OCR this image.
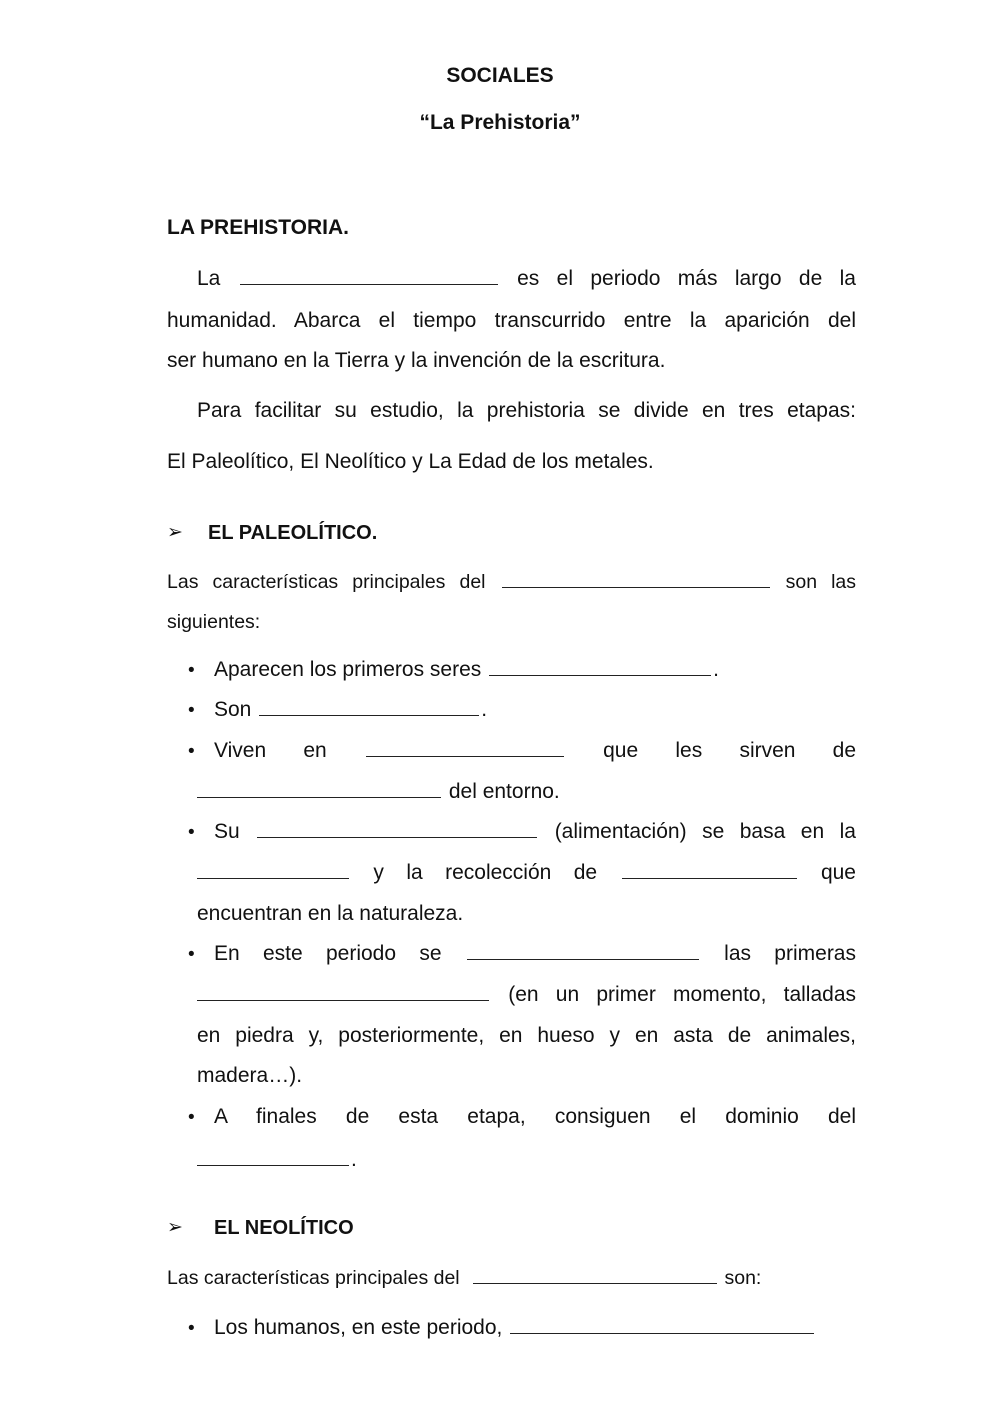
SOCIALES
“La Prehistoria”
LA PREHISTORIA.
La	es el periodo más largo de la
humanidad. Abarca el tiempo transcurrido entre la aparición del
ser humano en la Tierra y la invención de la escritura.
Para facilitar su estudio, la prehistoria se divide en tres etapas:
El Paleolítico, El Neolítico y La Edad de los metales.
➢ EL PALEOLÍTICO.
Las características principales del	son las
siguientes:
• Aparecen los primeros seres	.
• Son	.
• Viven en	que les sirven de
del entorno.
• Su	(alimentación) se basa en la
y la recolección de	que
encuentran en la naturaleza.
• En este periodo se	las primeras
(en un primer momento, talladas
en piedra y, posteriormente, en hueso y en asta de animales,
madera…).
• A finales de esta etapa, consiguen el dominio del
.
➢ EL NEOLÍTICO
Las características principales del	son:
• Los humanos, en este periodo,
